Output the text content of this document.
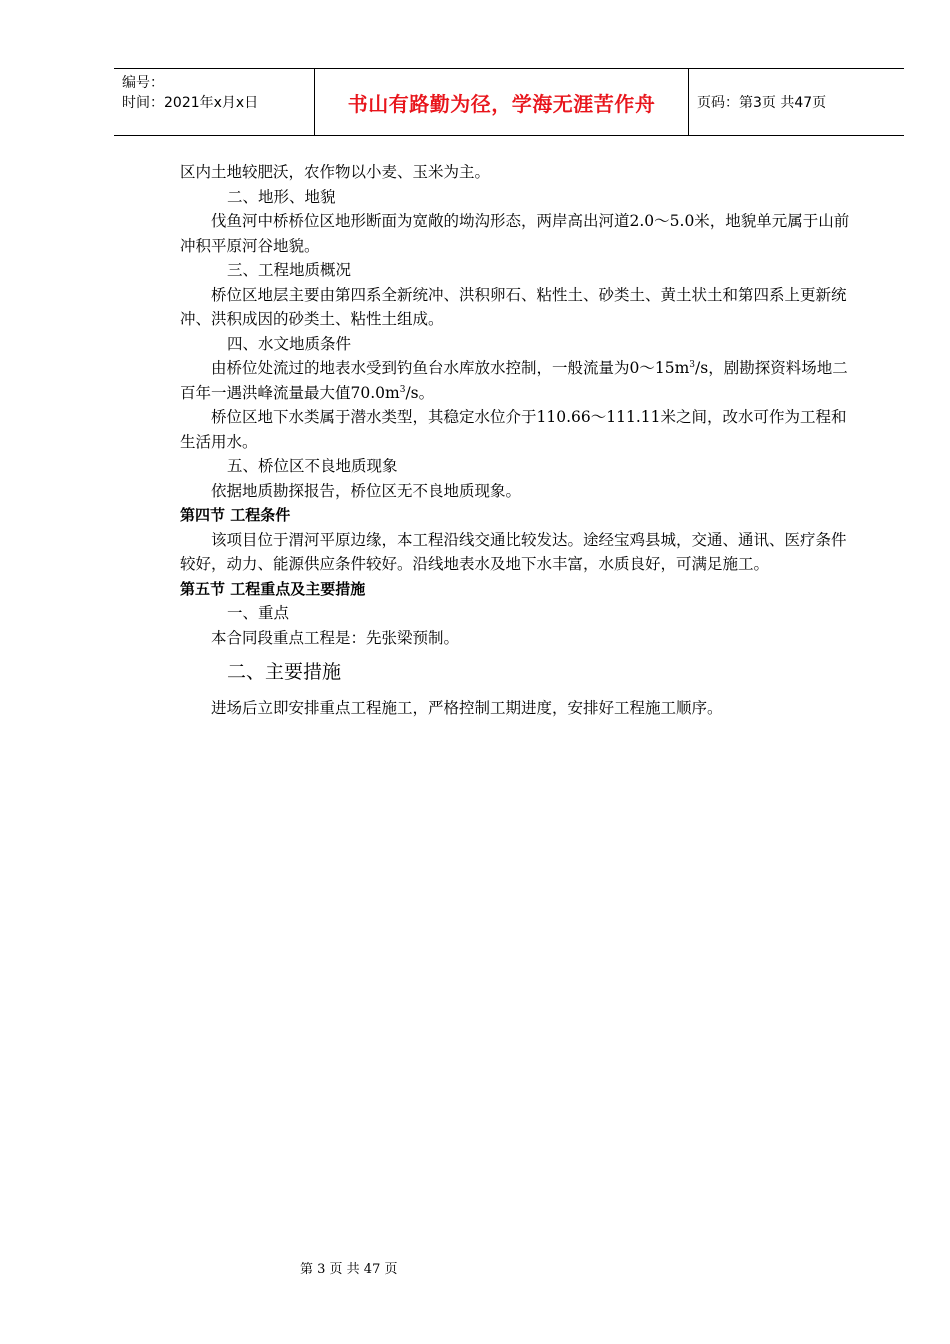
编号：
时间：2021年x月x日	书山有路勤为径，学海无涯苦作舟	页码：第3页 共47页

区内土地较肥沃，农作物以小麦、玉米为主。

二、地形、地貌

伐鱼河中桥桥位区地形断面为宽敞的坳沟形态，两岸高出河道2.0～5.0米，地貌单元属于山前冲积平原河谷地貌。

三、工程地质概况

桥位区地层主要由第四系全新统冲、洪积卵石、粘性土、砂类土、黄土状土和第四系上更新统冲、洪积成因的砂类土、粘性土组成。

四、水文地质条件

由桥位处流过的地表水受到钓鱼台水库放水控制，一般流量为$0\sim 15m^3/s$，剧勘探资料场地二百年一遇洪峰流量最大值$70.0m^3/s$。

桥位区地下水类属于潜水类型，其稳定水位介于110.66～111.11米之间，改水可作为工程和生活用水。

五、桥位区不良地质现象

依据地质勘探报告，桥位区无不良地质现象。

第四节 工程条件

该项目位于渭河平原边缘，本工程沿线交通比较发达。途经宝鸡县城，交通、通讯、医疗条件较好，动力、能源供应条件较好。沿线地表水及地下水丰富，水质良好，可满足施工。

第五节 工程重点及主要措施

一、重点

本合同段重点工程是：先张梁预制。

二、主要措施

进场后立即安排重点工程施工，严格控制工期进度，安排好工程施工顺序。

第 3 页 共 47 页
